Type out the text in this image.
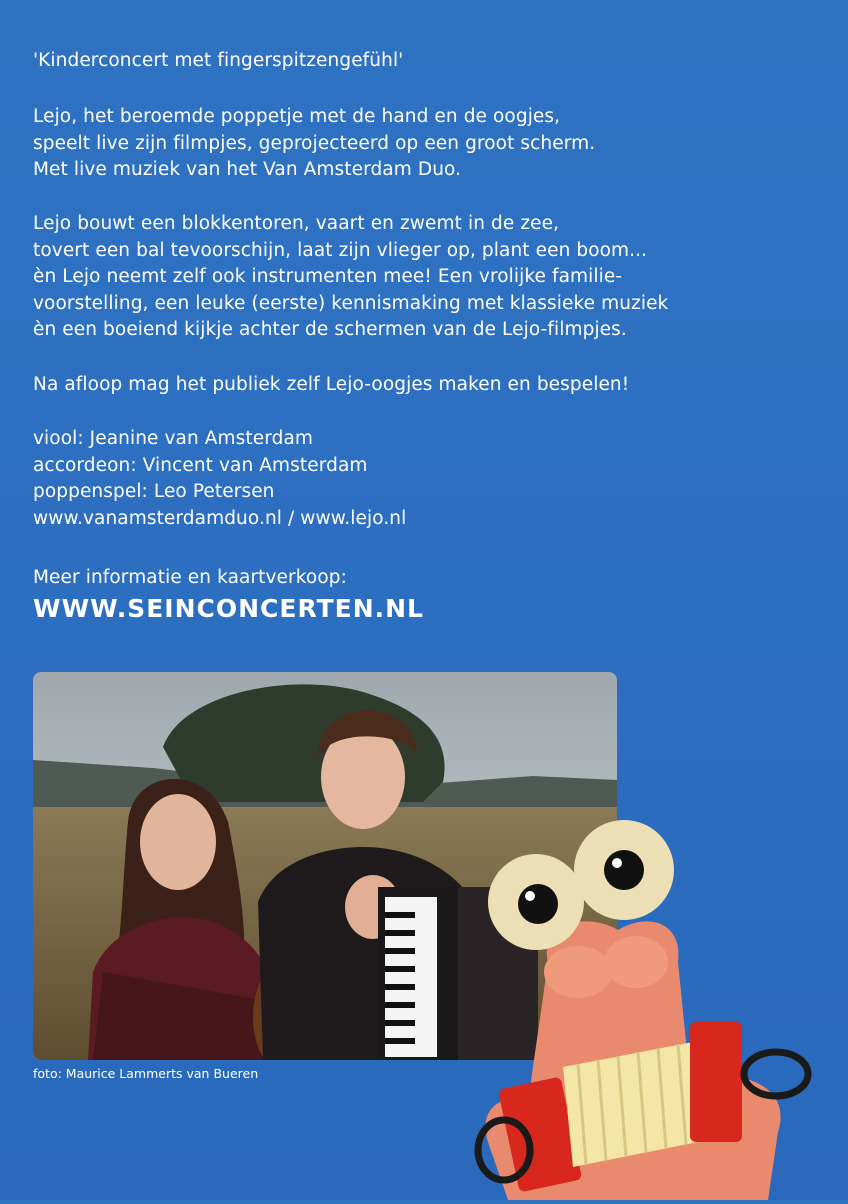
'Kinderconcert met fingerspitzengefühl'
Lejo, het beroemde poppetje met de hand en de oogjes,
speelt live zijn filmpjes, geprojecteerd op een groot scherm.
Met live muziek van het Van Amsterdam Duo.
Lejo bouwt een blokkentoren, vaart en zwemt in de zee,
tovert een bal tevoorschijn, laat zijn vlieger op, plant een boom...
èn Lejo neemt zelf ook instrumenten mee! Een vrolijke familie-
voorstelling, een leuke (eerste) kennismaking met klassieke muziek
èn een boeiend kijkje achter de schermen van de Lejo-filmpjes.
Na afloop mag het publiek zelf Lejo-oogjes maken en bespelen!
viool: Jeanine van Amsterdam
accordeon: Vincent van Amsterdam
poppenspel: Leo Petersen
www.vanamsterdamduo.nl / www.lejo.nl
Meer informatie en kaartverkoop:
WWW.SEINCONCERTEN.NL
foto: Maurice Lammerts van Bueren
